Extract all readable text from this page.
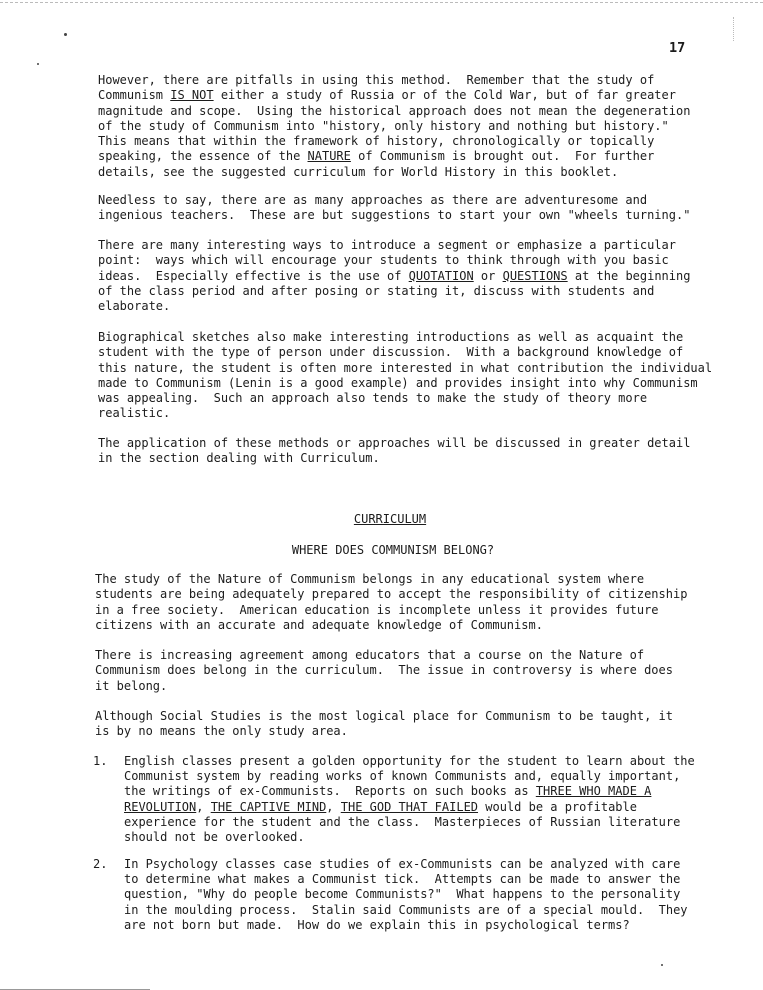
17
However, there are pitfalls in using this method.  Remember that the study of
Communism IS NOT either a study of Russia or of the Cold War, but of far greater
magnitude and scope.  Using the historical approach does not mean the degeneration
of the study of Communism into "history, only history and nothing but history."
This means that within the framework of history, chronologically or topically
speaking, the essence of the NATURE of Communism is brought out.  For further
details, see the suggested curriculum for World History in this booklet.
Needless to say, there are as many approaches as there are adventuresome and
ingenious teachers.  These are but suggestions to start your own "wheels turning."
There are many interesting ways to introduce a segment or emphasize a particular
point:  ways which will encourage your students to think through with you basic
ideas.  Especially effective is the use of QUOTATION or QUESTIONS at the beginning
of the class period and after posing or stating it, discuss with students and
elaborate.
Biographical sketches also make interesting introductions as well as acquaint the
student with the type of person under discussion.  With a background knowledge of
this nature, the student is often more interested in what contribution the individual
made to Communism (Lenin is a good example) and provides insight into why Communism
was appealing.  Such an approach also tends to make the study of theory more
realistic.
The application of these methods or approaches will be discussed in greater detail
in the section dealing with Curriculum.
CURRICULUM
WHERE DOES COMMUNISM BELONG?
The study of the Nature of Communism belongs in any educational system where
students are being adequately prepared to accept the responsibility of citizenship
in a free society.  American education is incomplete unless it provides future
citizens with an accurate and adequate knowledge of Communism.
There is increasing agreement among educators that a course on the Nature of
Communism does belong in the curriculum.  The issue in controversy is where does
it belong.
Although Social Studies is the most logical place for Communism to be taught, it
is by no means the only study area.
1. English classes present a golden opportunity for the student to learn about the
Communist system by reading works of known Communists and, equally important,
the writings of ex-Communists.  Reports on such books as THREE WHO MADE A
REVOLUTION, THE CAPTIVE MIND, THE GOD THAT FAILED would be a profitable
experience for the student and the class.  Masterpieces of Russian literature
should not be overlooked.
2. In Psychology classes case studies of ex-Communists can be analyzed with care
to determine what makes a Communist tick.  Attempts can be made to answer the
question, "Why do people become Communists?"  What happens to the personality
in the moulding process.  Stalin said Communists are of a special mould.  They
are not born but made.  How do we explain this in psychological terms?
